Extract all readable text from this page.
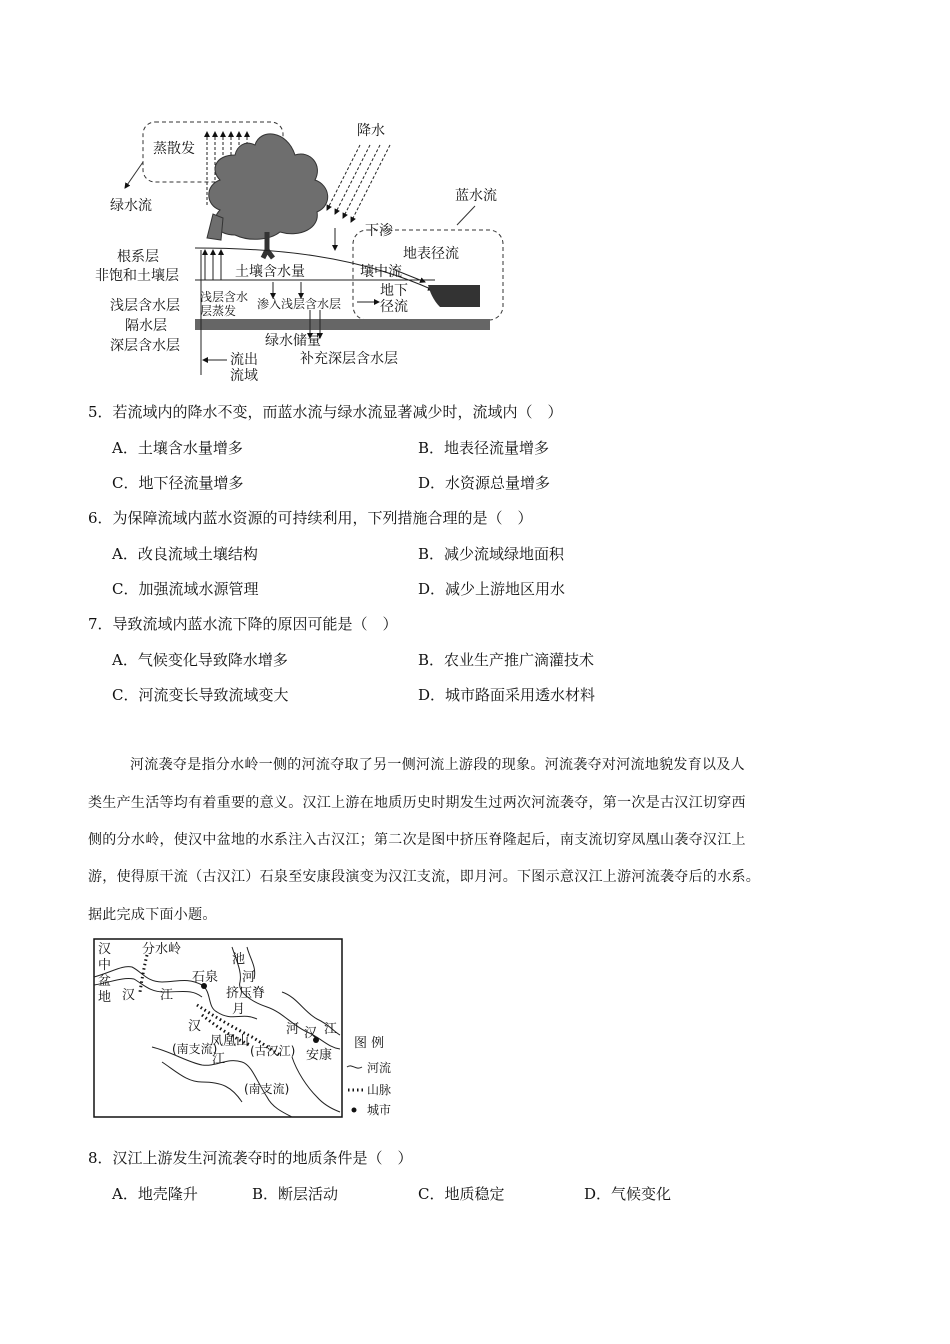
蒸散发
绿水流
降水
蓝水流
下渗
地表径流
根系层
非饱和土壤层
浅层含水层
隔水层
深层含水层
土壤含水量	壤中流
浅层含水
层蒸发 渗入浅层含水层
地下
径流
绿水储量
补充深层含水层
流出
流域
5．若流域内的降水不变，而蓝水流与绿水流显著减少时，流域内（　）
A．土壤含水量增多	B．地表径流量增多
C．地下径流量增多	D．水资源总量增多
6．为保障流域内蓝水资源的可持续利用，下列措施合理的是（　）
A．改良流域土壤结构	B．减少流域绿地面积
C．加强流域水源管理	D．减少上游地区用水
7．导致流域内蓝水流下降的原因可能是（　）
A．气候变化导致降水增多	B．农业生产推广滴灌技术
C．河流变长导致流域变大	D．城市路面采用透水材料
河流袭夺是指分水岭一侧的河流夺取了另一侧河流上游段的现象。河流袭夺对河流地貌发育以及人
类生产生活等均有着重要的意义。汉江上游在地质历史时期发生过两次河流袭夺，第一次是古汉江切穿西
侧的分水岭，使汉中盆地的水系注入古汉江；第二次是图中挤压脊隆起后，南支流切穿凤凰山袭夺汉江上
游，使得原干流（古汉江）石泉至安康段演变为汉江支流，即月河。下图示意汉江上游河流袭夺后的水系。
据此完成下面小题。
汉
中
盆
地
分水岭
汉 江
石泉
池
河
挤压脊
月
汉
凤凰山
(古汉江)
河 汉 江
安康
(南支流)
江
(南支流)
图 例
河流
山脉
城市
8．汉江上游发生河流袭夺时的地质条件是（　）
A．地壳隆升	B．断层活动	C．地质稳定	D．气候变化
